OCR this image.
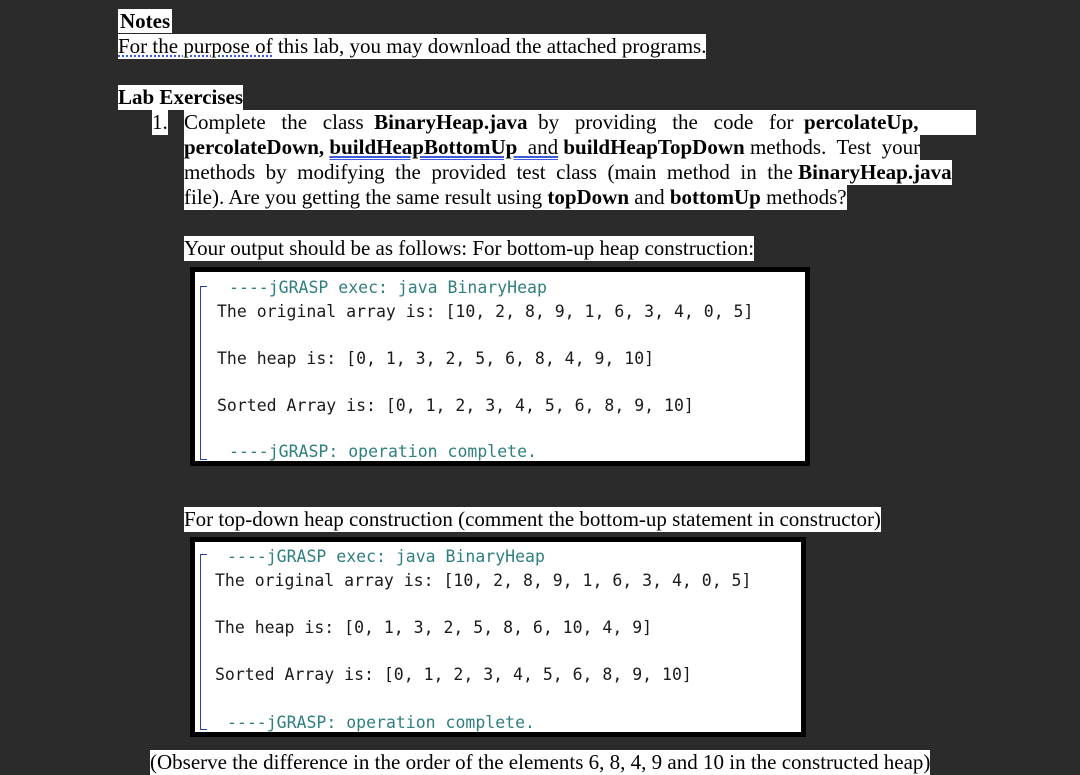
Notes
For the purpose of this lab, you may download the attached programs.
Lab Exercises
1. Complete   the   class  BinaryHeap.java  by   providing   the   code   for  percolateUp,
percolateDown, buildHeapBottomUp  and buildHeapTopDown methods.  Test  your
methods  by  modifying  the  provided  test  class  (main  method  in  the BinaryHeap.java
file). Are you getting the same result using topDown and bottomUp methods?
Your output should be as follows: For bottom-up heap construction:
----jGRASP exec: java BinaryHeap
The original array is: [10, 2, 8, 9, 1, 6, 3, 4, 0, 5]
The heap is: [0, 1, 3, 2, 5, 6, 8, 4, 9, 10]
Sorted Array is: [0, 1, 2, 3, 4, 5, 6, 8, 9, 10]
----jGRASP: operation complete.
For top-down heap construction (comment the bottom-up statement in constructor)
----jGRASP exec: java BinaryHeap
The original array is: [10, 2, 8, 9, 1, 6, 3, 4, 0, 5]
The heap is: [0, 1, 3, 2, 5, 8, 6, 10, 4, 9]
Sorted Array is: [0, 1, 2, 3, 4, 5, 6, 8, 9, 10]
----jGRASP: operation complete.
(Observe the difference in the order of the elements 6, 8, 4, 9 and 10 in the constructed heap)
